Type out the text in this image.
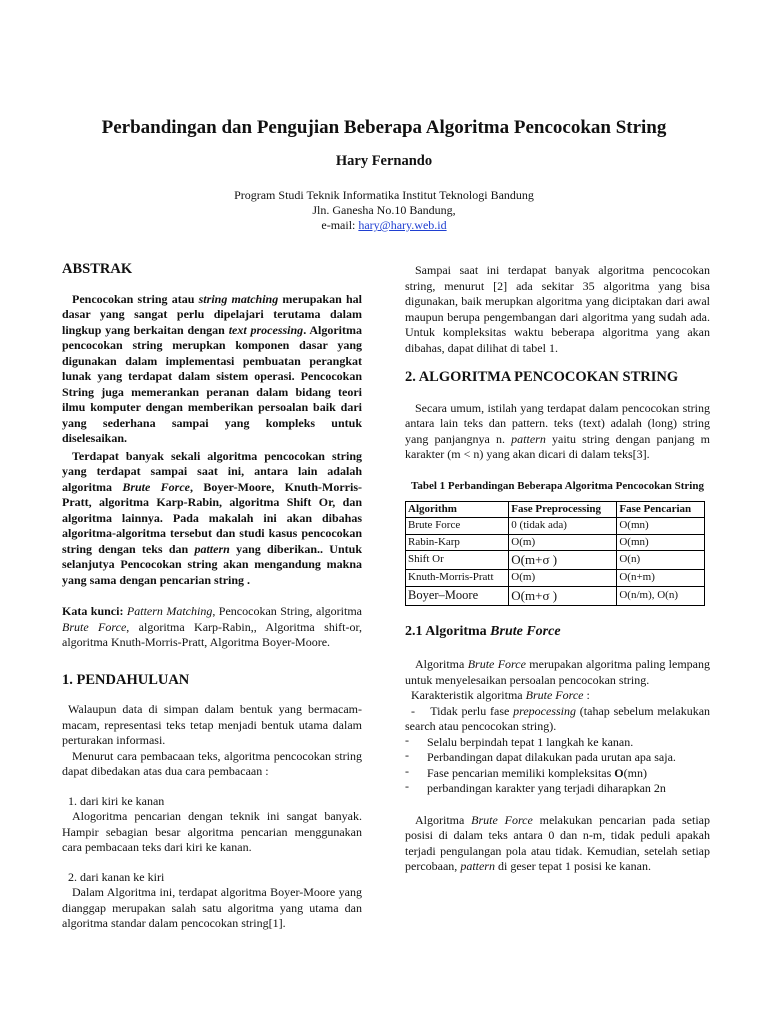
Perbandingan dan Pengujian Beberapa Algoritma Pencocokan String
Hary Fernando
Program Studi Teknik Informatika Institut Teknologi Bandung
Jln. Ganesha No.10 Bandung,
e-mail: hary@hary.web.id
ABSTRAK

Pencocokan string atau string matching merupakan hal dasar yang sangat perlu dipelajari terutama dalam lingkup yang berkaitan dengan text processing. Algoritma pencocokan string merupkan komponen dasar yang digunakan dalam implementasi pembuatan perangkat lunak yang terdapat dalam sistem operasi. Pencocokan String juga memerankan peranan dalam bidang teori ilmu komputer dengan memberikan persoalan baik dari yang sederhana sampai yang kompleks untuk diselesaikan.

Terdapat banyak sekali algoritma pencocokan string yang terdapat sampai saat ini, antara lain adalah algoritma Brute Force, Boyer-Moore, Knuth-Morris-Pratt, algoritma Karp-Rabin, algoritma Shift Or, dan algoritma lainnya. Pada makalah ini akan dibahas algoritma-algoritma tersebut dan studi kasus pencocokan string dengan teks dan pattern yang diberikan.. Untuk selanjutya Pencocokan string akan mengandung makna yang sama dengan pencarian string .

Kata kunci: Pattern Matching, Pencocokan String, algoritma Brute Force, algoritma Karp-Rabin,, Algoritma shift-or, algoritma Knuth-Morris-Pratt, Algoritma Boyer-Moore.

1. PENDAHULUAN

Walaupun data di simpan dalam bentuk yang bermacam-macam, representasi teks tetap menjadi bentuk utama dalam perturakan informasi.

Menurut cara pembacaan teks, algoritma pencocokan string dapat dibedakan atas dua cara pembacaan :

1. dari kiri ke kanan

Alogoritma pencarian dengan teknik ini sangat banyak. Hampir sebagian besar algoritma pencarian menggunakan cara pembacaan teks dari kiri ke kanan.

2. dari kanan ke kiri

Dalam Algoritma ini, terdapat algoritma Boyer-Moore yang dianggap merupakan salah satu algoritma yang utama dan algoritma standar dalam pencocokan string[1].

Sampai saat ini terdapat banyak algoritma pencocokan string, menurut [2] ada sekitar 35 algoritma yang bisa digunakan, baik merupkan algoritma yang diciptakan dari awal maupun berupa pengembangan dari algoritma yang sudah ada. Untuk kompleksitas waktu beberapa algoritma yang akan dibahas, dapat dilihat di tabel 1.

2. ALGORITMA PENCOCOKAN STRING

Secara umum, istilah yang terdapat dalam pencocokan string antara lain teks dan pattern. teks (text) adalah (long) string yang panjangnya n. pattern yaitu string dengan panjang m karakter (m < n) yang akan dicari di dalam teks[3].

Tabel 1 Perbandingan Beberapa Algoritma Pencocokan String
Algorithm	Fase Preprocessing	Fase Pencarian
Brute Force	0 (tidak ada)	O(mn)
Rabin-Karp	O(m)	O(mn)
Shift Or	O(m+σ )	O(n)
Knuth-Morris-Pratt	O(m)	O(n+m)
Boyer–Moore	O(m+σ )	O(n/m), O(n)
2.1 Algoritma Brute Force

Algoritma Brute Force merupakan algoritma paling lempang untuk menyelesaikan persoalan pencocokan string.

Karakteristik algoritma Brute Force :

‐ Tidak perlu fase prepocessing (tahap sebelum melakukan search atau pencocokan string).

‐ Selalu berpindah tepat 1 langkah ke kanan.
‐ Perbandingan dapat dilakukan pada urutan apa saja.
‐ Fase pencarian memiliki kompleksitas O(mn)
‐ perbandingan karakter yang terjadi diharapkan 2n

Algoritma Brute Force melakukan pencarian pada setiap posisi di dalam teks antara 0 dan n-m, tidak peduli apakah terjadi pengulangan pola atau tidak. Kemudian, setelah setiap percobaan, pattern di geser tepat 1 posisi ke kanan.
